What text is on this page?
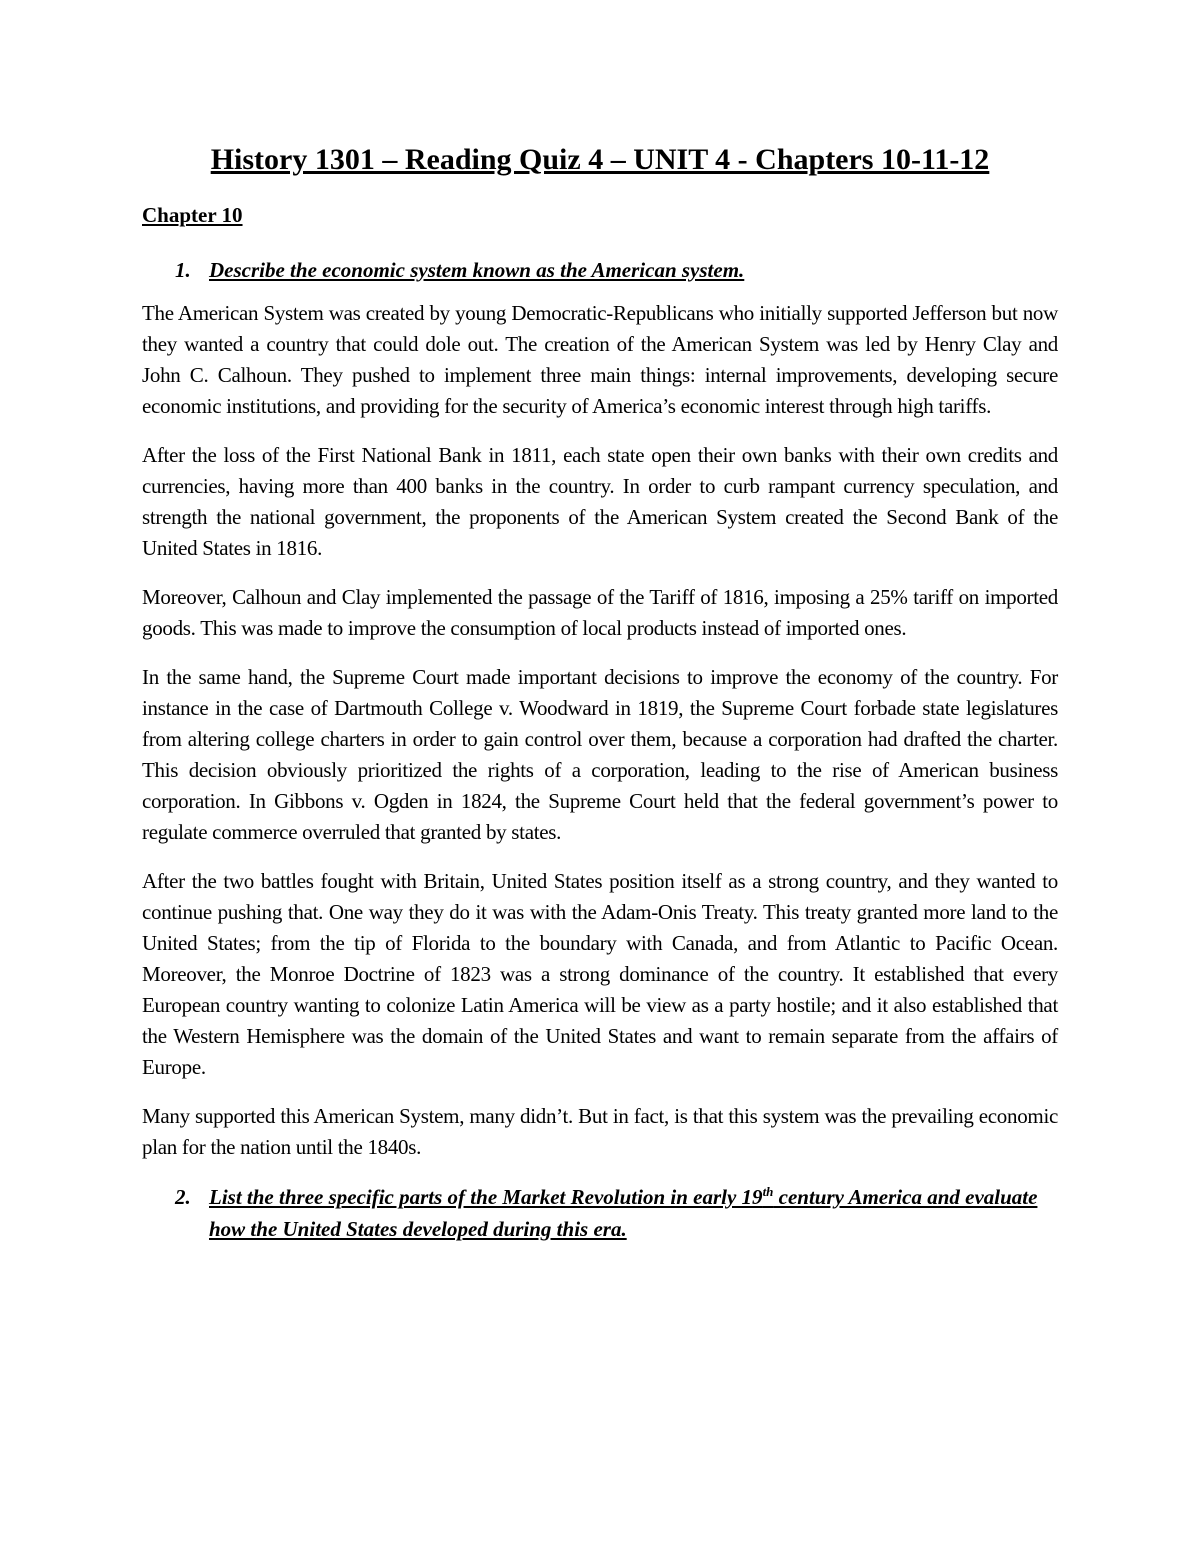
History 1301 – Reading Quiz 4 – UNIT 4 - Chapters 10-11-12
Chapter 10
1. Describe the economic system known as the American system.

The American System was created by young Democratic-Republicans who initially supported Jefferson but now they wanted a country that could dole out. The creation of the American System was led by Henry Clay and John C. Calhoun. They pushed to implement three main things: internal improvements, developing secure economic institutions, and providing for the security of America’s economic interest through high tariffs.

After the loss of the First National Bank in 1811, each state open their own banks with their own credits and currencies, having more than 400 banks in the country. In order to curb rampant currency speculation, and strength the national government, the proponents of the American System created the Second Bank of the United States in 1816.

Moreover, Calhoun and Clay implemented the passage of the Tariff of 1816, imposing a 25% tariff on imported goods. This was made to improve the consumption of local products instead of imported ones.

In the same hand, the Supreme Court made important decisions to improve the economy of the country. For instance in the case of Dartmouth College v. Woodward in 1819, the Supreme Court forbade state legislatures from altering college charters in order to gain control over them, because a corporation had drafted the charter. This decision obviously prioritized the rights of a corporation, leading to the rise of American business corporation. In Gibbons v. Ogden in 1824, the Supreme Court held that the federal government’s power to regulate commerce overruled that granted by states.

After the two battles fought with Britain, United States position itself as a strong country, and they wanted to continue pushing that. One way they do it was with the Adam-Onis Treaty. This treaty granted more land to the United States; from the tip of Florida to the boundary with Canada, and from Atlantic to Pacific Ocean. Moreover, the Monroe Doctrine of 1823 was a strong dominance of the country. It established that every European country wanting to colonize Latin America will be view as a party hostile; and it also established that the Western Hemisphere was the domain of the United States and want to remain separate from the affairs of Europe.

Many supported this American System, many didn’t. But in fact, is that this system was the prevailing economic plan for the nation until the 1840s.

2. List the three specific parts of the Market Revolution in early 19th century America and evaluate how the United States developed during this era.
